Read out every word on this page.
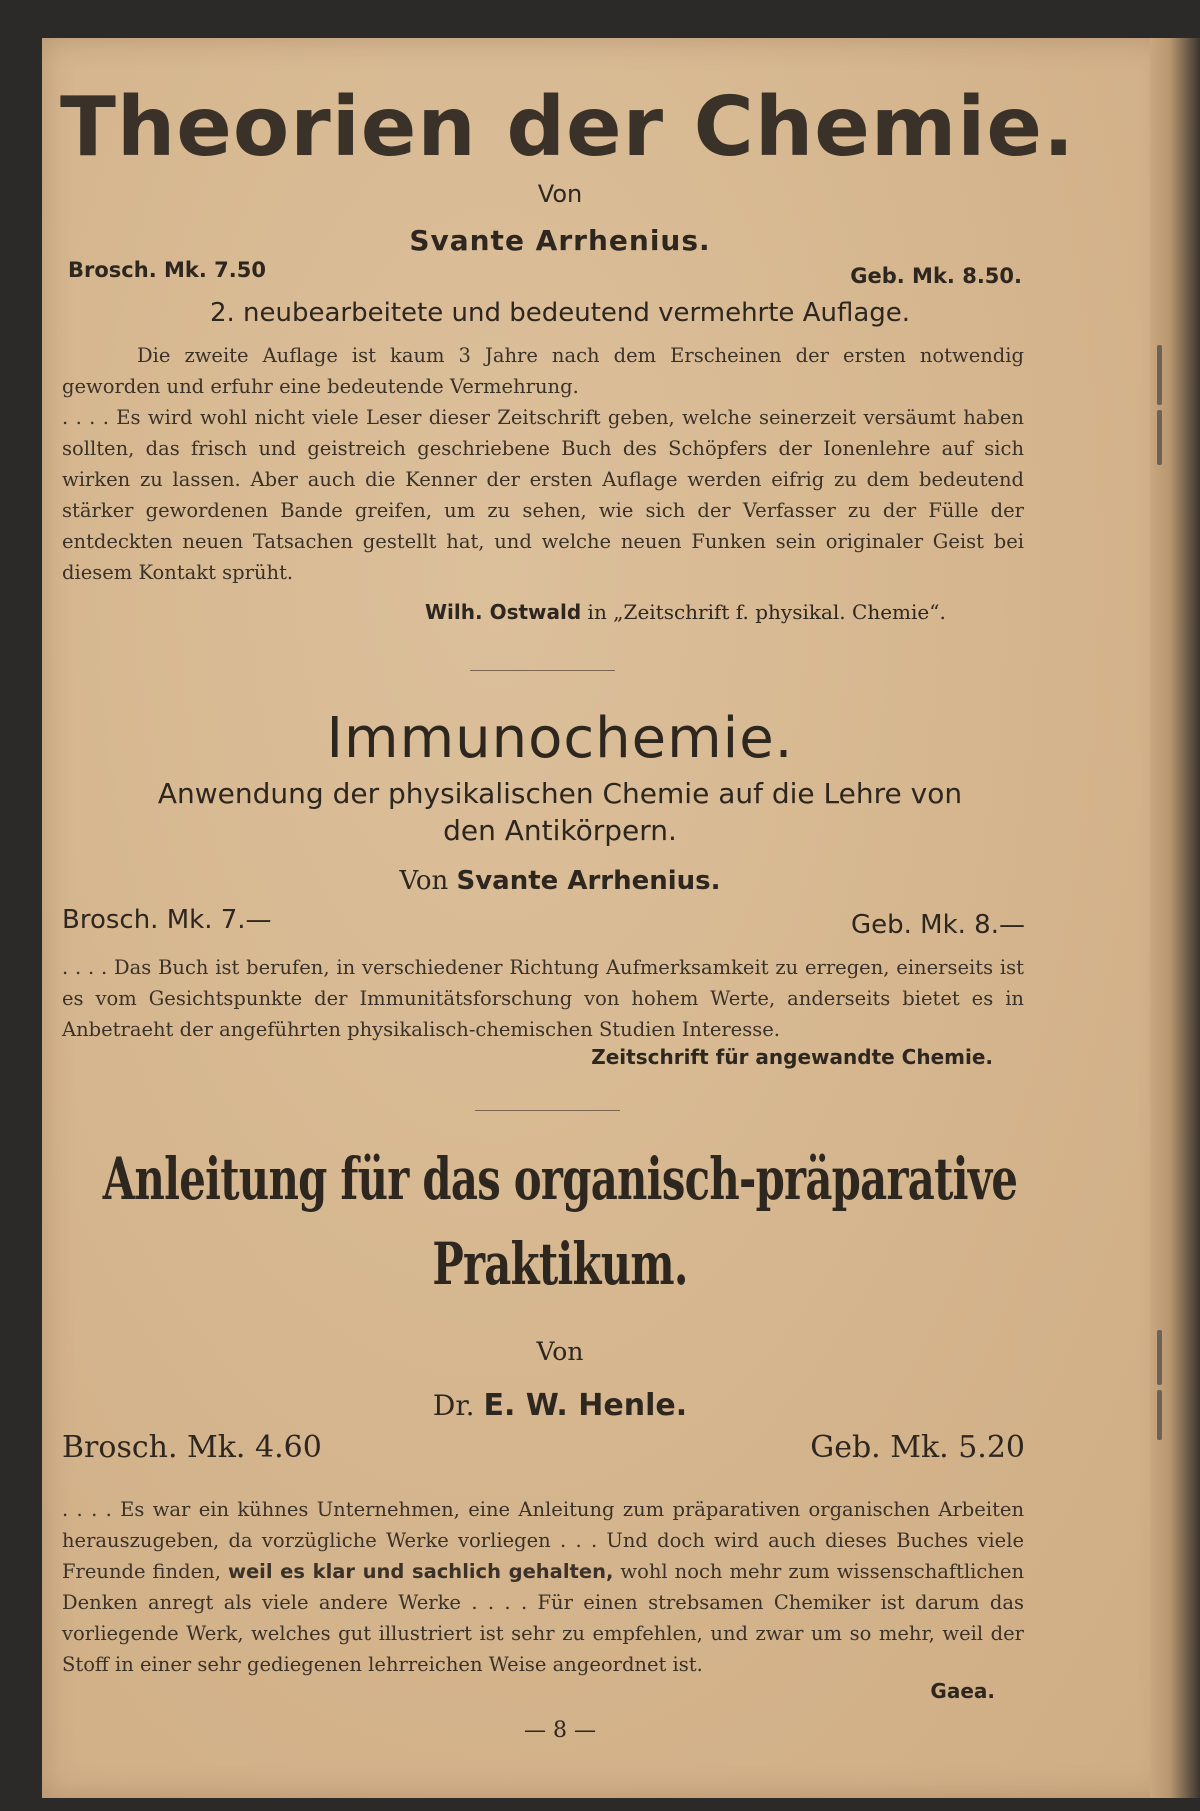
Theorien der Chemie.
Von
Svante Arrhenius.
Brosch. Mk. 7.50	Geb. Mk. 8.50.
2. neubearbeitete und bedeutend vermehrte Auflage.

Die zweite Auflage ist kaum 3 Jahre nach dem Erscheinen der ersten notwendig geworden und erfuhr eine bedeutende Vermehrung.

. . . . Es wird wohl nicht viele Leser dieser Zeitschrift geben, welche seinerzeit versäumt haben sollten, das frisch und geistreich geschriebene Buch des Schöpfers der Ionenlehre auf sich wirken zu lassen. Aber auch die Kenner der ersten Auflage werden eifrig zu dem bedeutend stärker gewordenen Bande greifen, um zu sehen, wie sich der Verfasser zu der Fülle der entdeckten neuen Tatsachen gestellt hat, und welche neuen Funken sein originaler Geist bei diesem Kontakt sprüht.

Wilh. Ostwald in „Zeitschrift f. physikal. Chemie“.
Immunochemie.
Anwendung der physikalischen Chemie auf die Lehre von
den Antikörpern.
Von Svante Arrhenius.
Brosch. Mk. 7.—	Geb. Mk. 8.—

. . . . Das Buch ist berufen, in verschiedener Richtung Aufmerksamkeit zu erregen, einerseits ist es vom Gesichtspunkte der Immunitätsforschung von hohem Werte, anderseits bietet es in Anbetraeht der angeführten physikalisch-chemischen Studien Interesse.

Zeitschrift für angewandte Chemie.
Anleitung für das organisch-präparative
Praktikum.
Von
Dr. E. W. Henle.
Brosch. Mk. 4.60	Geb. Mk. 5.20

. . . . Es war ein kühnes Unternehmen, eine Anleitung zum präparativen organischen Arbeiten herauszugeben, da vorzügliche Werke vorliegen . . . Und doch wird auch dieses Buches viele Freunde finden, weil es klar und sachlich gehalten, wohl noch mehr zum wissenschaftlichen Denken anregt als viele andere Werke . . . . Für einen strebsamen Chemiker ist darum das vorliegende Werk, welches gut illustriert ist sehr zu empfehlen, und zwar um so mehr, weil der Stoff in einer sehr gediegenen lehrreichen Weise angeordnet ist.

Gaea.
— 8 —
